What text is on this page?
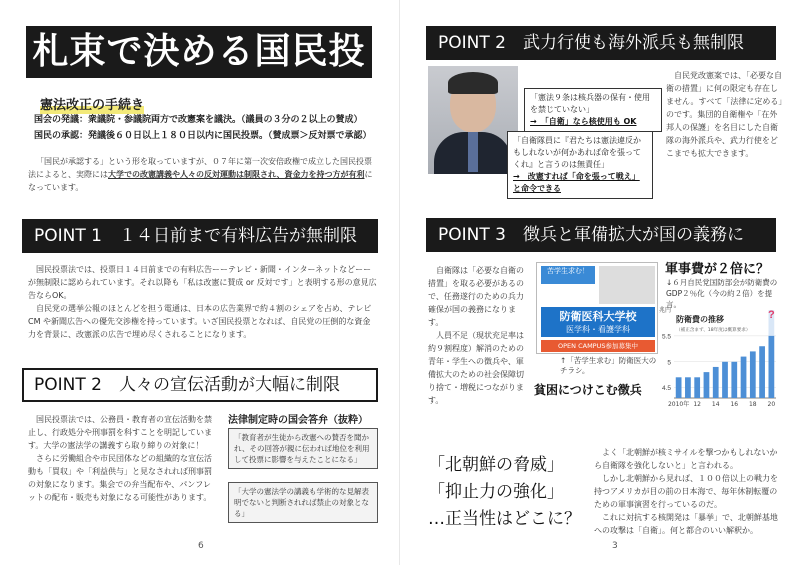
札束で決める国民投票
憲法改正の手続き
国会の発議：衆議院・参議院両方で改憲案を議決。（議員の３分の２以上の賛成）
国民の承認：発議後６０日以上１８０日以内に国民投票。（賛成票＞反対票で承認）

「国民が承認する」という形を取っていますが、０７年に第一次安倍政権で成立した国民投票法によると、実際には大学での改憲講義や人々の反対運動は制限され、資金力を持つ方が有利になっています。

POINT 1　１４日前まで有料広告が無制限

国民投票法では、投票日１４日前までの有料広告ーーテレビ・新聞・インターネットなどーーが無制限に認められています。それ以降も「私は改憲に賛成 or 反対です」と表明する形の意見広告ならOK。

自民党の選挙公報のほとんどを担う電通は、日本の広告業界で約４割のシェアを占め、テレビ CM や新聞広告への優先交渉権を持っています。いざ国民投票となれば、自民党の圧倒的な資金力を背景に、改憲派の広告で埋め尽くされることになります。

POINT 2　人々の宣伝活動が大幅に制限

国民投票法では、公務員・教育者の宣伝活動を禁止し、行政処分や刑事罰を科すことを明記しています。大学の憲法学の講義すら取り締りの対象に！

さらに労働組合や市民団体などの組織的な宣伝活動も「買収」や「利益供与」と見なされれば刑事罰の対象になります。集会での弁当配布や、パンフレットの配布・販売も対象になる可能性があります。

法律制定時の国会答弁（抜粋）
「教育者が生徒から改憲への賛否を聞かれ、その回答が親に伝われば地位を利用して投票に影響を与えたことになる」
「大学の憲法学の講義も学術的な見解表明でないと判断されれば禁止の対象となる」
6
POINT 2　武力行使も海外派兵も無制限
「憲法９条は核兵器の保有・使用を禁じていない」
→　「自衛」なら核使用も OK
「自衛隊員に『君たちは憲法違反かもしれないが何かあれば命を張ってくれ』と言うのは無責任」
→　改憲すれば「命を張って戦え」と命令できる

自民党改憲案では、「必要な自衛の措置」に何の限定も存在しません。すべて「法律に定める」のです。集団的自衛権や「在外邦人の保護」を名目にした自衛隊の海外派兵や、武力行使をどこまでも拡大できます。

POINT 3　徴兵と軍備拡大が国の義務に

自衛隊は「必要な自衛の措置」を取る必要があるので、任務遂行のための兵力確保が国の義務になります。

人員不足（現状充足率は約９割程度）解消のための青年・学生への徴兵や、軍備拡大のための社会保障切り捨て・増税につながります。

苦学生求む！
防衛医科大学校
医学科・看護学科
OPEN CAMPUS参加募集中
↑「苦学生求む」防衛医大のチラシ。
貧困につけこむ徴兵
軍事費が２倍に？
↓６月自民党国防部会が防衛費の GDP２％化（今の約２倍）を提言。
4.5
5
5.5
兆円	?
2010年 12 14 16 18 20
防衛費の推移
（補正含まず、18年度は概算要求）
「北朝鮮の脅威」
「抑止力の強化」
…正当性はどこに？

よく「北朝鮮が核ミサイルを撃つかもしれないから自衛隊を強化しないと」と言われる。

しかし北朝鮮から見れば、１００倍以上の戦力を持つアメリカが目の前の日本海で、毎年休制転覆のための軍事演習を行っているのだ。

これに対抗する核開発は「暴挙」で、北朝鮮基地への攻撃は「自衛」。何と都合のいい解釈か。

3
